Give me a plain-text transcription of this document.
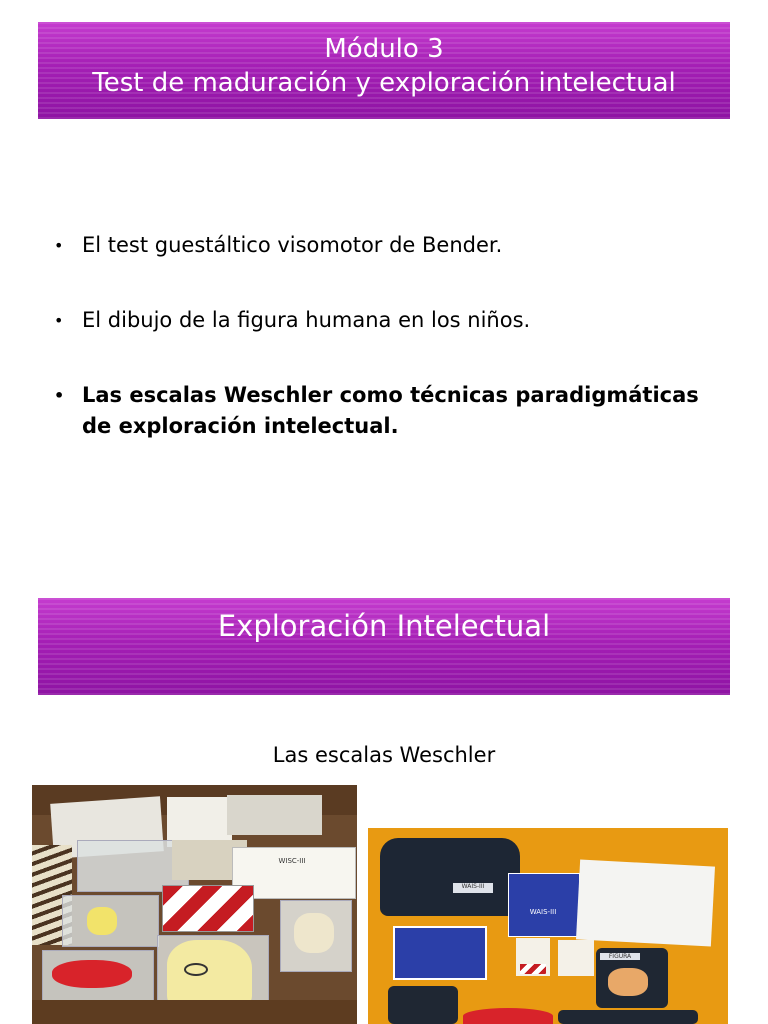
Módulo 3
Test de maduración y exploración intelectual
• El test guestáltico visomotor de Bender.
• El dibujo de la figura humana en los niños.
• Las escalas Weschler como técnicas paradigmáticas de exploración intelectual.
Exploración Intelectual
Las escalas Weschler
WISC-III
WAIS-III
WAIS-III
FIGURA
